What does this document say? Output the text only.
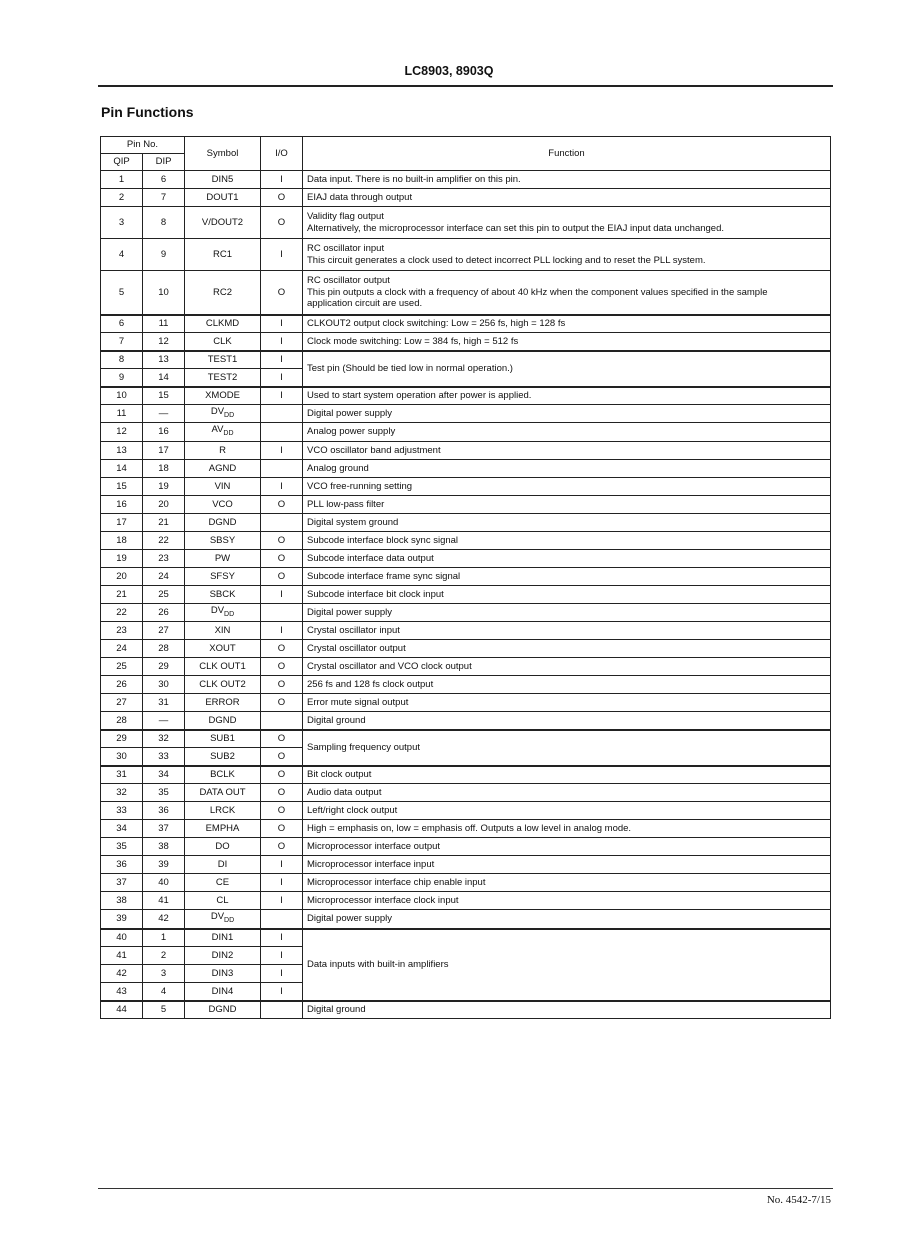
LC8903, 8903Q
Pin Functions
Pin No.		Symbol	I/O	Function
QIP	DIP			
1	6	DIN5	I	Data input. There is no built-in amplifier on this pin.

2	7	DOUT1	O	EIAJ data through output

3	8	V/DOUT2	O	Validity flag output
Alternatively, the microprocessor interface can set this pin to output the EIAJ input data unchanged.

4	9	RC1	I	RC oscillator input
This circuit generates a clock used to detect incorrect PLL locking and to reset the PLL system.

5	10	RC2	O	RC oscillator output
This pin outputs a clock with a frequency of about 40 kHz when the component values specified in the sample
application circuit are used.

6	11	CLKMD	I	CLKOUT2 output clock switching: Low = 256 fs, high = 128 fs

7	12	CLK	I	Clock mode switching: Low = 384 fs, high = 512 fs

8	13	TEST1	I	Test pin (Should be tied low in normal operation.)

9	14	TEST2	I	
10	15	XMODE	I	Used to start system operation after power is applied.

11	—	$DV_{DD}$		Digital power supply

12	16	$AV_{DD}$		Analog power supply

13	17	R	I	VCO oscillator band adjustment

14	18	AGND		Analog ground

15	19	VIN	I	VCO free-running setting

16	20	VCO	O	PLL low-pass filter

17	21	DGND		Digital system ground

18	22	SBSY	O	Subcode interface block sync signal

19	23	PW	O	Subcode interface data output

20	24	SFSY	O	Subcode interface frame sync signal

21	25	SBCK	I	Subcode interface bit clock input

22	26	$DV_{DD}$		Digital power supply

23	27	XIN	I	Crystal oscillator input

24	28	XOUT	O	Crystal oscillator output

25	29	CLK OUT1	O	Crystal oscillator and VCO clock output

26	30	CLK OUT2	O	256 fs and 128 fs clock output

27	31	ERROR	O	Error mute signal output

28	—	DGND		Digital ground

29	32	SUB1	O	Sampling frequency output

30	33	SUB2	O	
31	34	BCLK	O	Bit clock output

32	35	DATA OUT	O	Audio data output

33	36	LRCK	O	Left/right clock output

34	37	EMPHA	O	High = emphasis on, low = emphasis off. Outputs a low level in analog mode.

35	38	DO	O	Microprocessor interface output

36	39	DI	I	Microprocessor interface input

37	40	CE	I	Microprocessor interface chip enable input

38	41	CL	I	Microprocessor interface clock input

39	42	$DV_{DD}$		Digital power supply

40	1	DIN1	I	Data inputs with built-in amplifiers

41	2	DIN2	I	
42	3	DIN3	I	
43	4	DIN4	I	
44	5	DGND		Digital ground
No. 4542-7/15
